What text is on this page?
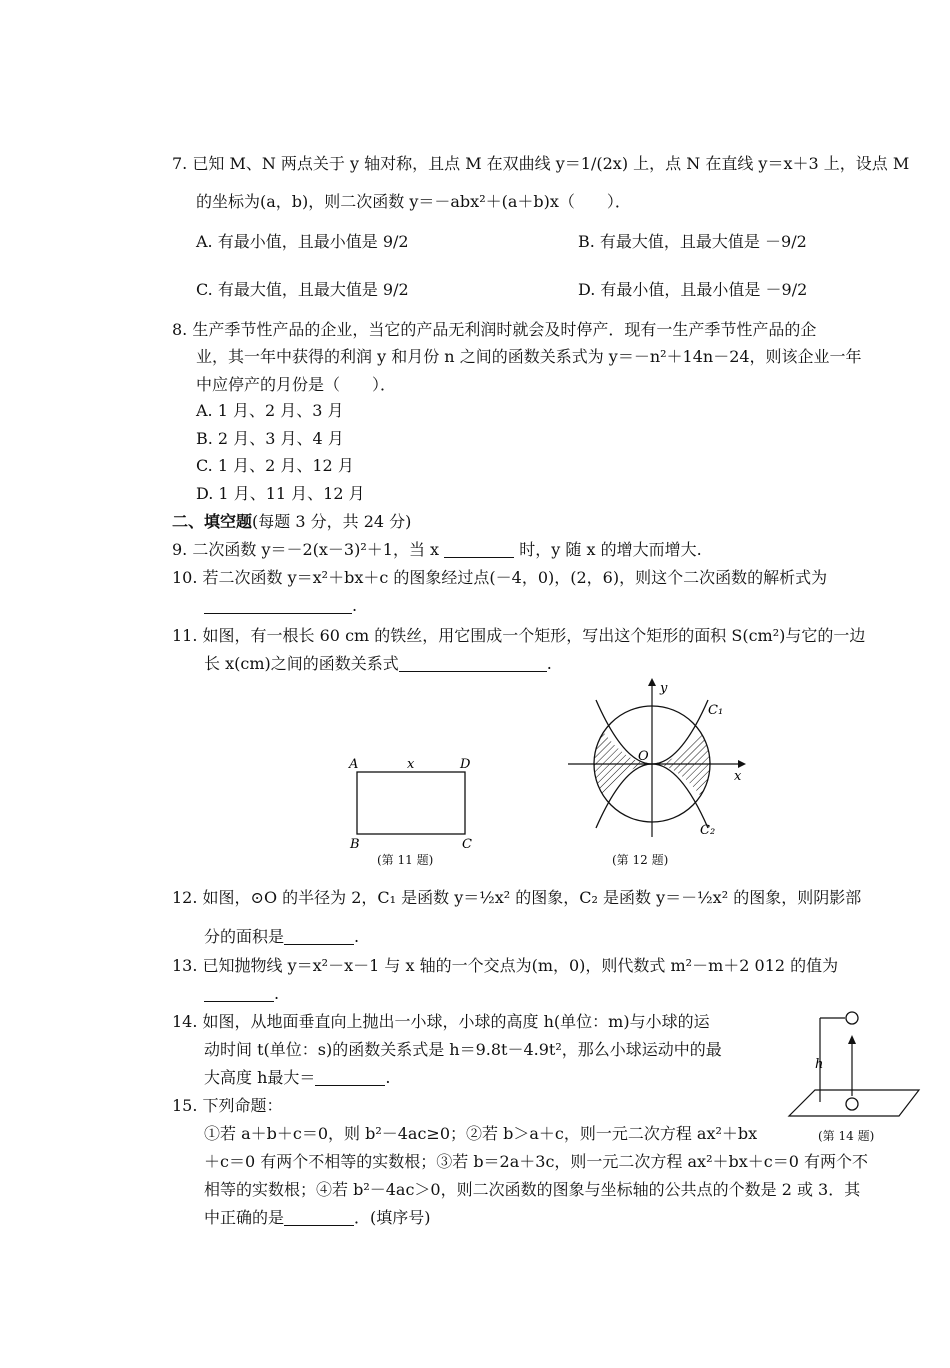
7. 已知 M、N 两点关于 y 轴对称，且点 M 在双曲线 y＝1/(2x) 上，点 N 在直线 y＝x＋3 上，设点 M
的坐标为(a，b)，则二次函数 y＝－abx²＋(a＋b)x（　　）．
A. 有最小值，且最小值是 9/2	B. 有最大值，且最大值是 －9/2
C. 有最大值，且最大值是 9/2	D. 有最小值，且最小值是 －9/2
8. 生产季节性产品的企业，当它的产品无利润时就会及时停产．现有一生产季节性产品的企
业，其一年中获得的利润 y 和月份 n 之间的函数关系式为 y＝－n²＋14n－24，则该企业一年
中应停产的月份是（　　）．
A. 1 月、2 月、3 月
B. 2 月、3 月、4 月
C. 1 月、2 月、12 月
D. 1 月、11 月、12 月
二、填空题(每题 3 分，共 24 分)
9. 二次函数 y＝－2(x－3)²＋1，当 x	时，y 随 x 的增大而增大.
10. 若二次函数 y＝x²＋bx＋c 的图象经过点(－4，0)，(2，6)，则这个二次函数的解析式为
.
11. 如图，有一根长 60 cm 的铁丝，用它围成一个矩形，写出这个矩形的面积 S(cm²)与它的一边
长 x(cm)之间的函数关系式	.
A	x	D
B	C
(第 11 题)
y
x
O
C₁
C₂
(第 12 题)
12. 如图，⊙O 的半径为 2，C₁ 是函数 y＝½x² 的图象，C₂ 是函数 y＝－½x² 的图象，则阴影部
分的面积是	.
13. 已知抛物线 y＝x²－x－1 与 x 轴的一个交点为(m，0)，则代数式 m²－m＋2 012 的值为
.
14. 如图，从地面垂直向上抛出一小球，小球的高度 h(单位：m)与小球的运
动时间 t(单位：s)的函数关系式是 h＝9.8t－4.9t²，那么小球运动中的最
大高度 h最大＝	.
h
(第 14 题)
15. 下列命题：
①若 a＋b＋c＝0，则 b²－4ac≥0；②若 b＞a＋c，则一元二次方程 ax²＋bx
＋c＝0 有两个不相等的实数根；③若 b＝2a＋3c，则一元二次方程 ax²＋bx＋c＝0 有两个不
相等的实数根；④若 b²－4ac＞0，则二次函数的图象与坐标轴的公共点的个数是 2 或 3．其
中正确的是	．(填序号)
